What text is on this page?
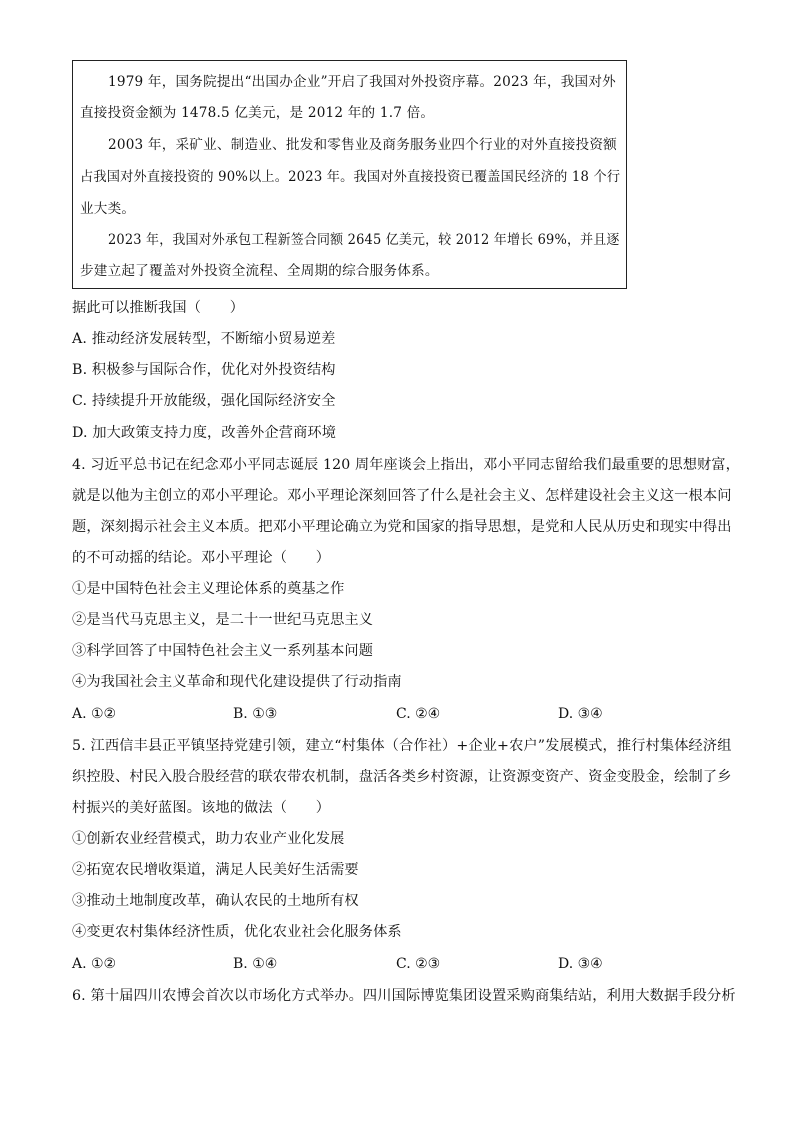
1979 年，国务院提出“出国办企业”开启了我国对外投资序幕。2023 年，我国对外
直接投资金额为 1478.5 亿美元，是 2012 年的 1.7 倍。
2003 年，采矿业、制造业、批发和零售业及商务服务业四个行业的对外直接投资额
占我国对外直接投资的 90%以上。2023 年。我国对外直接投资已覆盖国民经济的 18 个行
业大类。
2023 年，我国对外承包工程新签合同额 2645 亿美元，较 2012 年增长 69%，并且逐
步建立起了覆盖对外投资全流程、全周期的综合服务体系。
据此可以推断我国（　　）
A. 推动经济发展转型，不断缩小贸易逆差
B. 积极参与国际合作，优化对外投资结构
C. 持续提升开放能级，强化国际经济安全
D. 加大政策支持力度，改善外企营商环境
4. 习近平总书记在纪念邓小平同志诞辰 120 周年座谈会上指出，邓小平同志留给我们最重要的思想财富，
就是以他为主创立的邓小平理论。邓小平理论深刻回答了什么是社会主义、怎样建设社会主义这一根本问
题，深刻揭示社会主义本质。把邓小平理论确立为党和国家的指导思想，是党和人民从历史和现实中得出
的不可动摇的结论。邓小平理论（　　）
①是中国特色社会主义理论体系的奠基之作
②是当代马克思主义，是二十一世纪马克思主义
③科学回答了中国特色社会主义一系列基本问题
④为我国社会主义革命和现代化建设提供了行动指南
A. ①②	B. ①③	C. ②④	D. ③④
5. 江西信丰县正平镇坚持党建引领，建立“村集体（合作社）+企业+农户”发展模式，推行村集体经济组
织控股、村民入股合股经营的联农带农机制，盘活各类乡村资源，让资源变资产、资金变股金，绘制了乡
村振兴的美好蓝图。该地的做法（　　）
①创新农业经营模式，助力农业产业化发展
②拓宽农民增收渠道，满足人民美好生活需要
③推动土地制度改革，确认农民的土地所有权
④变更农村集体经济性质，优化农业社会化服务体系
A. ①②	B. ①④	C. ②③	D. ③④
6. 第十届四川农博会首次以市场化方式举办。四川国际博览集团设置采购商集结站，利用大数据手段分析
